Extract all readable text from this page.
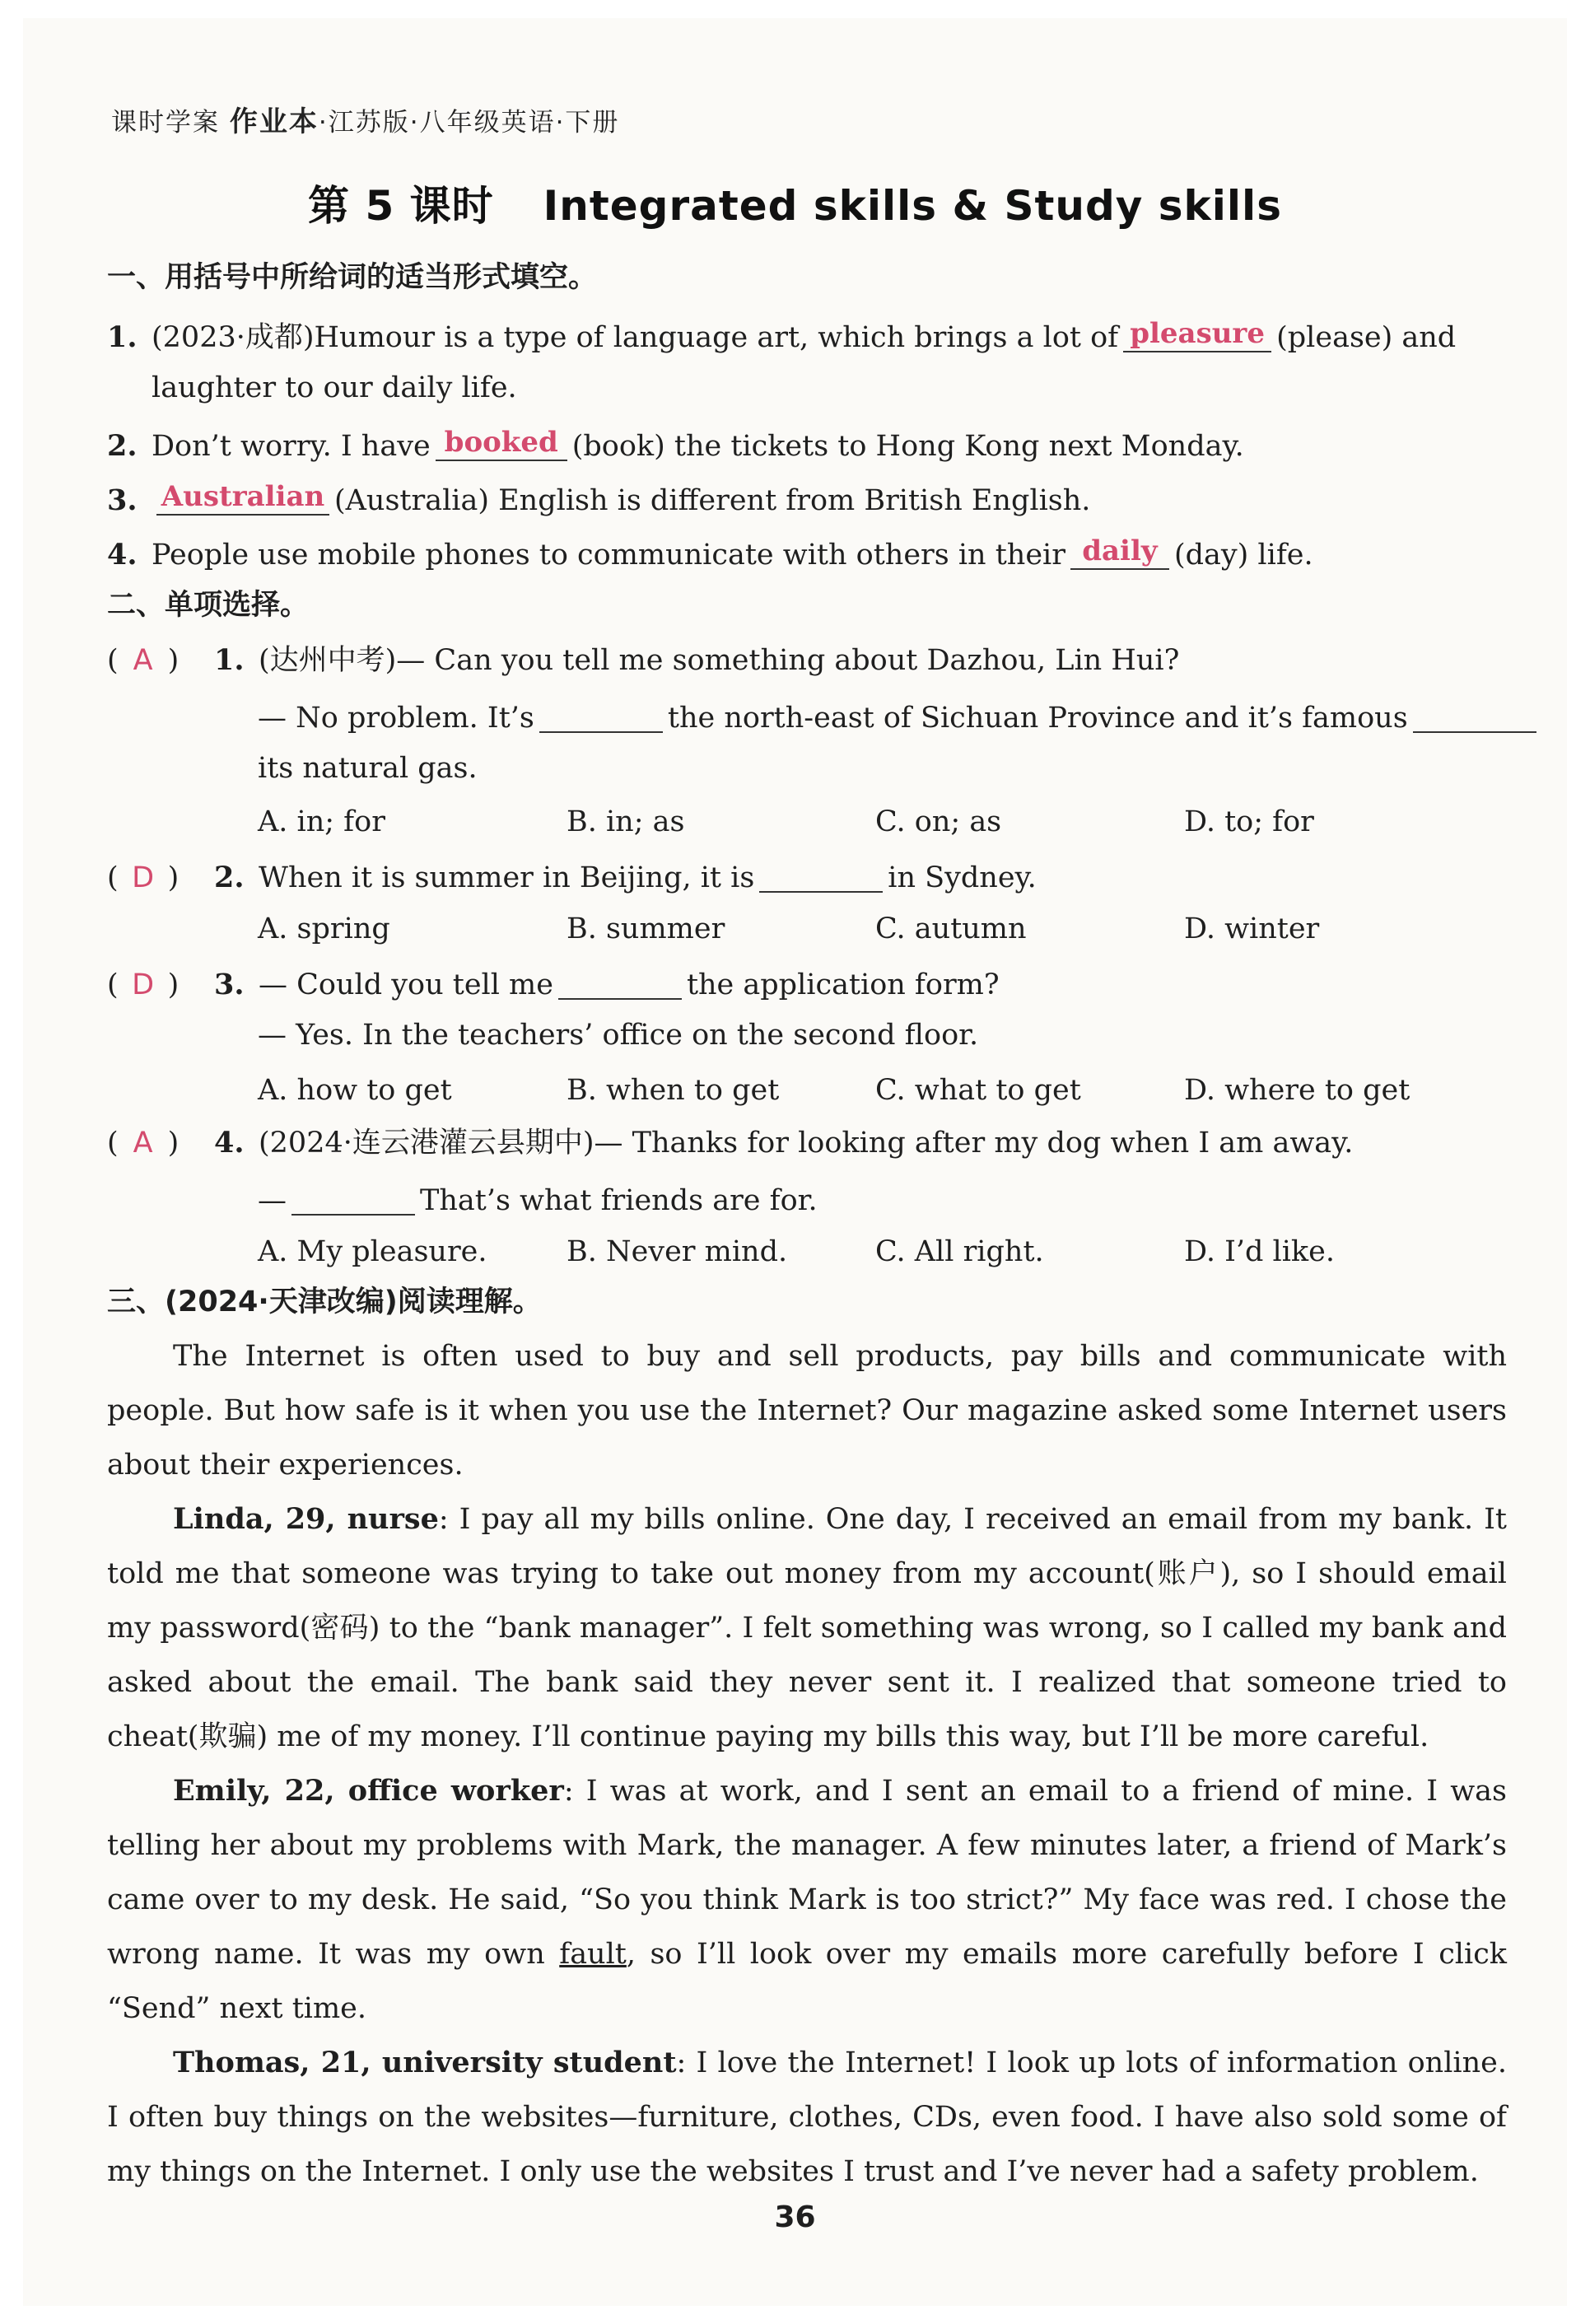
课时学案 作业本·江苏版·八年级英语·下册
第 5 课时 Integrated skills & Study skills
一、用括号中所给词的适当形式填空。
1. (2023·成都)Humour is a type of language art, which brings a lot of pleasure (please) and
laughter to our daily life.
2. Don’t worry. I have booked (book) the tickets to Hong Kong next Monday.
3. Australian (Australia) English is different from British English.
4. People use mobile phones to communicate with others in their daily (day) life.
二、单项选择。
( A ) 1. (达州中考)— Can you tell me something about Dazhou, Lin Hui?
— No problem. It’s	the north-east of Sichuan Province and it’s famous
its natural gas.
A. in; for	B. in; as	C. on; as	D. to; for
( D ) 2. When it is summer in Beijing, it is	in Sydney.
A. spring	B. summer	C. autumn	D. winter
( D ) 3. — Could you tell me	the application form?
— Yes. In the teachers’ office on the second floor.
A. how to get	B. when to get	C. what to get	D. where to get
( A ) 4. (2024·连云港灌云县期中)— Thanks for looking after my dog when I am away.
—	That’s what friends are for.
A. My pleasure.	B. Never mind.	C. All right.	D. I’d like.
三、(2024·天津改编)阅读理解。
The Internet is often used to buy and sell products, pay bills and communicate with people. But how safe is it when you use the Internet? Our magazine asked some Internet users about their experiences.
Linda, 29, nurse: I pay all my bills online. One day, I received an email from my bank. It told me that someone was trying to take out money from my account(账户), so I should email my password(密码) to the “bank manager”. I felt something was wrong, so I called my bank and asked about the email. The bank said they never sent it. I realized that someone tried to cheat(欺骗) me of my money. I’ll continue paying my bills this way, but I’ll be more careful.
Emily, 22, office worker: I was at work, and I sent an email to a friend of mine. I was telling her about my problems with Mark, the manager. A few minutes later, a friend of Mark’s came over to my desk. He said, “So you think Mark is too strict?” My face was red. I chose the wrong name. It was my own fault, so I’ll look over my emails more carefully before I click “Send” next time.
Thomas, 21, university student: I love the Internet! I look up lots of information online. I often buy things on the websites—furniture, clothes, CDs, even food. I have also sold some of my things on the Internet. I only use the websites I trust and I’ve never had a safety problem.
36
